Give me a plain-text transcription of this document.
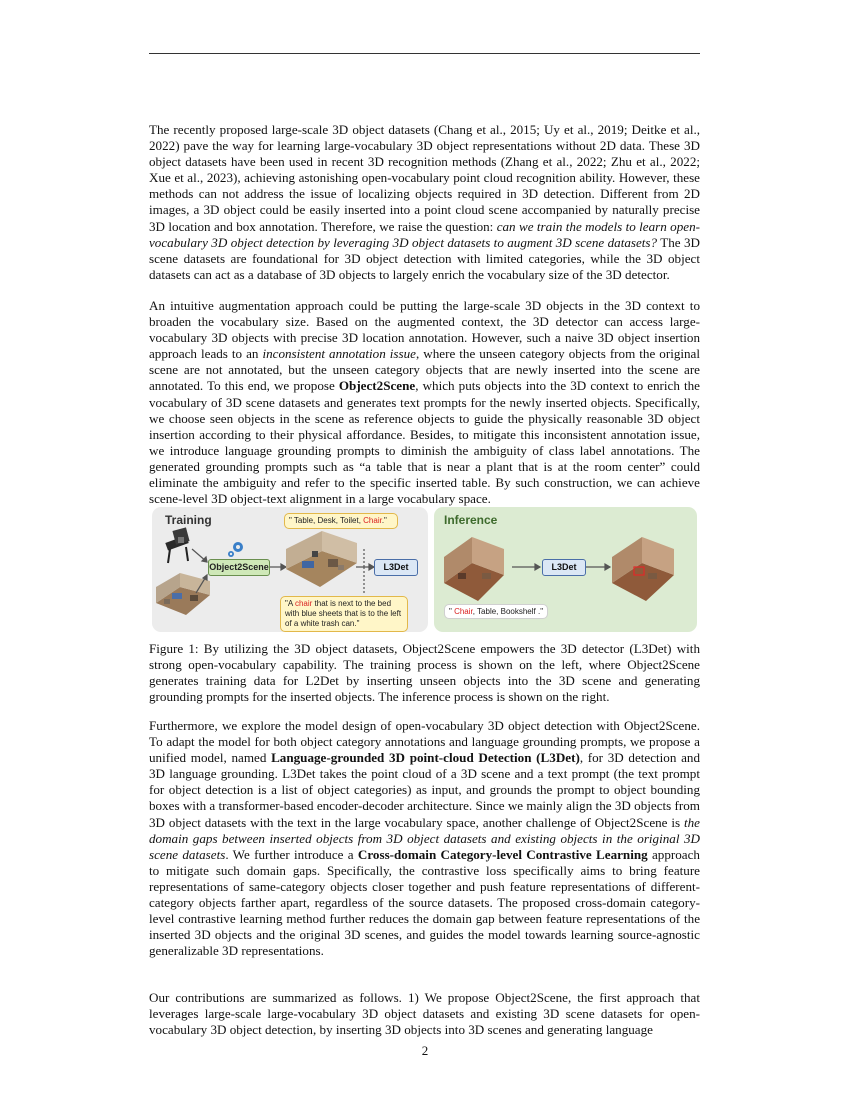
The recently proposed large-scale 3D object datasets (Chang et al., 2015; Uy et al., 2019; Deitke et al., 2022) pave the way for learning large-vocabulary 3D object representations without 2D data. These 3D object datasets have been used in recent 3D recognition methods (Zhang et al., 2022; Zhu et al., 2022; Xue et al., 2023), achieving astonishing open-vocabulary point cloud recognition ability. However, these methods can not address the issue of localizing objects required in 3D detection. Different from 2D images, a 3D object could be easily inserted into a point cloud scene accompanied by naturally precise 3D location and box annotation. Therefore, we raise the question: can we train the models to learn open-vocabulary 3D object detection by leveraging 3D object datasets to augment 3D scene datasets? The 3D scene datasets are foundational for 3D object detection with limited categories, while the 3D object datasets can act as a database of 3D objects to largely enrich the vocabulary size of the 3D detector.

An intuitive augmentation approach could be putting the large-scale 3D objects in the 3D context to broaden the vocabulary size. Based on the augmented context, the 3D detector can access large-vocabulary 3D objects with precise 3D location annotation. However, such a naive 3D object insertion approach leads to an inconsistent annotation issue, where the unseen category objects from the original scene are not annotated, but the unseen category objects that are newly inserted into the scene are annotated. To this end, we propose Object2Scene, which puts objects into the 3D context to enrich the vocabulary of 3D scene datasets and generates text prompts for the newly inserted objects. Specifically, we choose seen objects in the scene as reference objects to guide the physically reasonable 3D object insertion according to their physical affordance. Besides, to mitigate this inconsistent annotation issue, we introduce language grounding prompts to diminish the ambiguity of class label annotations. The generated grounding prompts such as “a table that is near a plant that is at the room center” could eliminate the ambiguity and refer to the specific inserted table. By such construction, we can achieve scene-level 3D object-text alignment in a large vocabulary space.

Training	Inference
Object2Scene	L3Det	L3Det
" Table, Desk, Toilet, Chair."
"A chair that is next to the bed with blue sheets that is to the left of a white trash can."
" Chair, Table, Bookshelf ."
Figure 1: By utilizing the 3D object datasets, Object2Scene empowers the 3D detector (L3Det) with strong open-vocabulary capability. The training process is shown on the left, where Object2Scene generates training data for L2Det by inserting unseen objects into the 3D scene and generating grounding prompts for the inserted objects. The inference process is shown on the right.

Furthermore, we explore the model design of open-vocabulary 3D object detection with Object2Scene. To adapt the model for both object category annotations and language grounding prompts, we propose a unified model, named Language-grounded 3D point-cloud Detection (L3Det), for 3D detection and 3D language grounding. L3Det takes the point cloud of a 3D scene and a text prompt (the text prompt for object detection is a list of object categories) as input, and grounds the prompt to object bounding boxes with a transformer-based encoder-decoder architecture. Since we mainly align the 3D objects from 3D object datasets with the text in the large vocabulary space, another challenge of Object2Scene is the domain gaps between inserted objects from 3D object datasets and existing objects in the original 3D scene datasets. We further introduce a Cross-domain Category-level Contrastive Learning approach to mitigate such domain gaps. Specifically, the contrastive loss specifically aims to bring feature representations of same-category objects closer together and push feature representations of different-category objects farther apart, regardless of the source datasets. The proposed cross-domain category-level contrastive learning method further reduces the domain gap between feature representations of the inserted 3D objects and the original 3D scenes, and guides the model towards learning source-agnostic generalizable 3D representations.

Our contributions are summarized as follows. 1) We propose Object2Scene, the first approach that leverages large-scale large-vocabulary 3D object datasets and existing 3D scene datasets for open-vocabulary 3D object detection, by inserting 3D objects into 3D scenes and generating language

2
